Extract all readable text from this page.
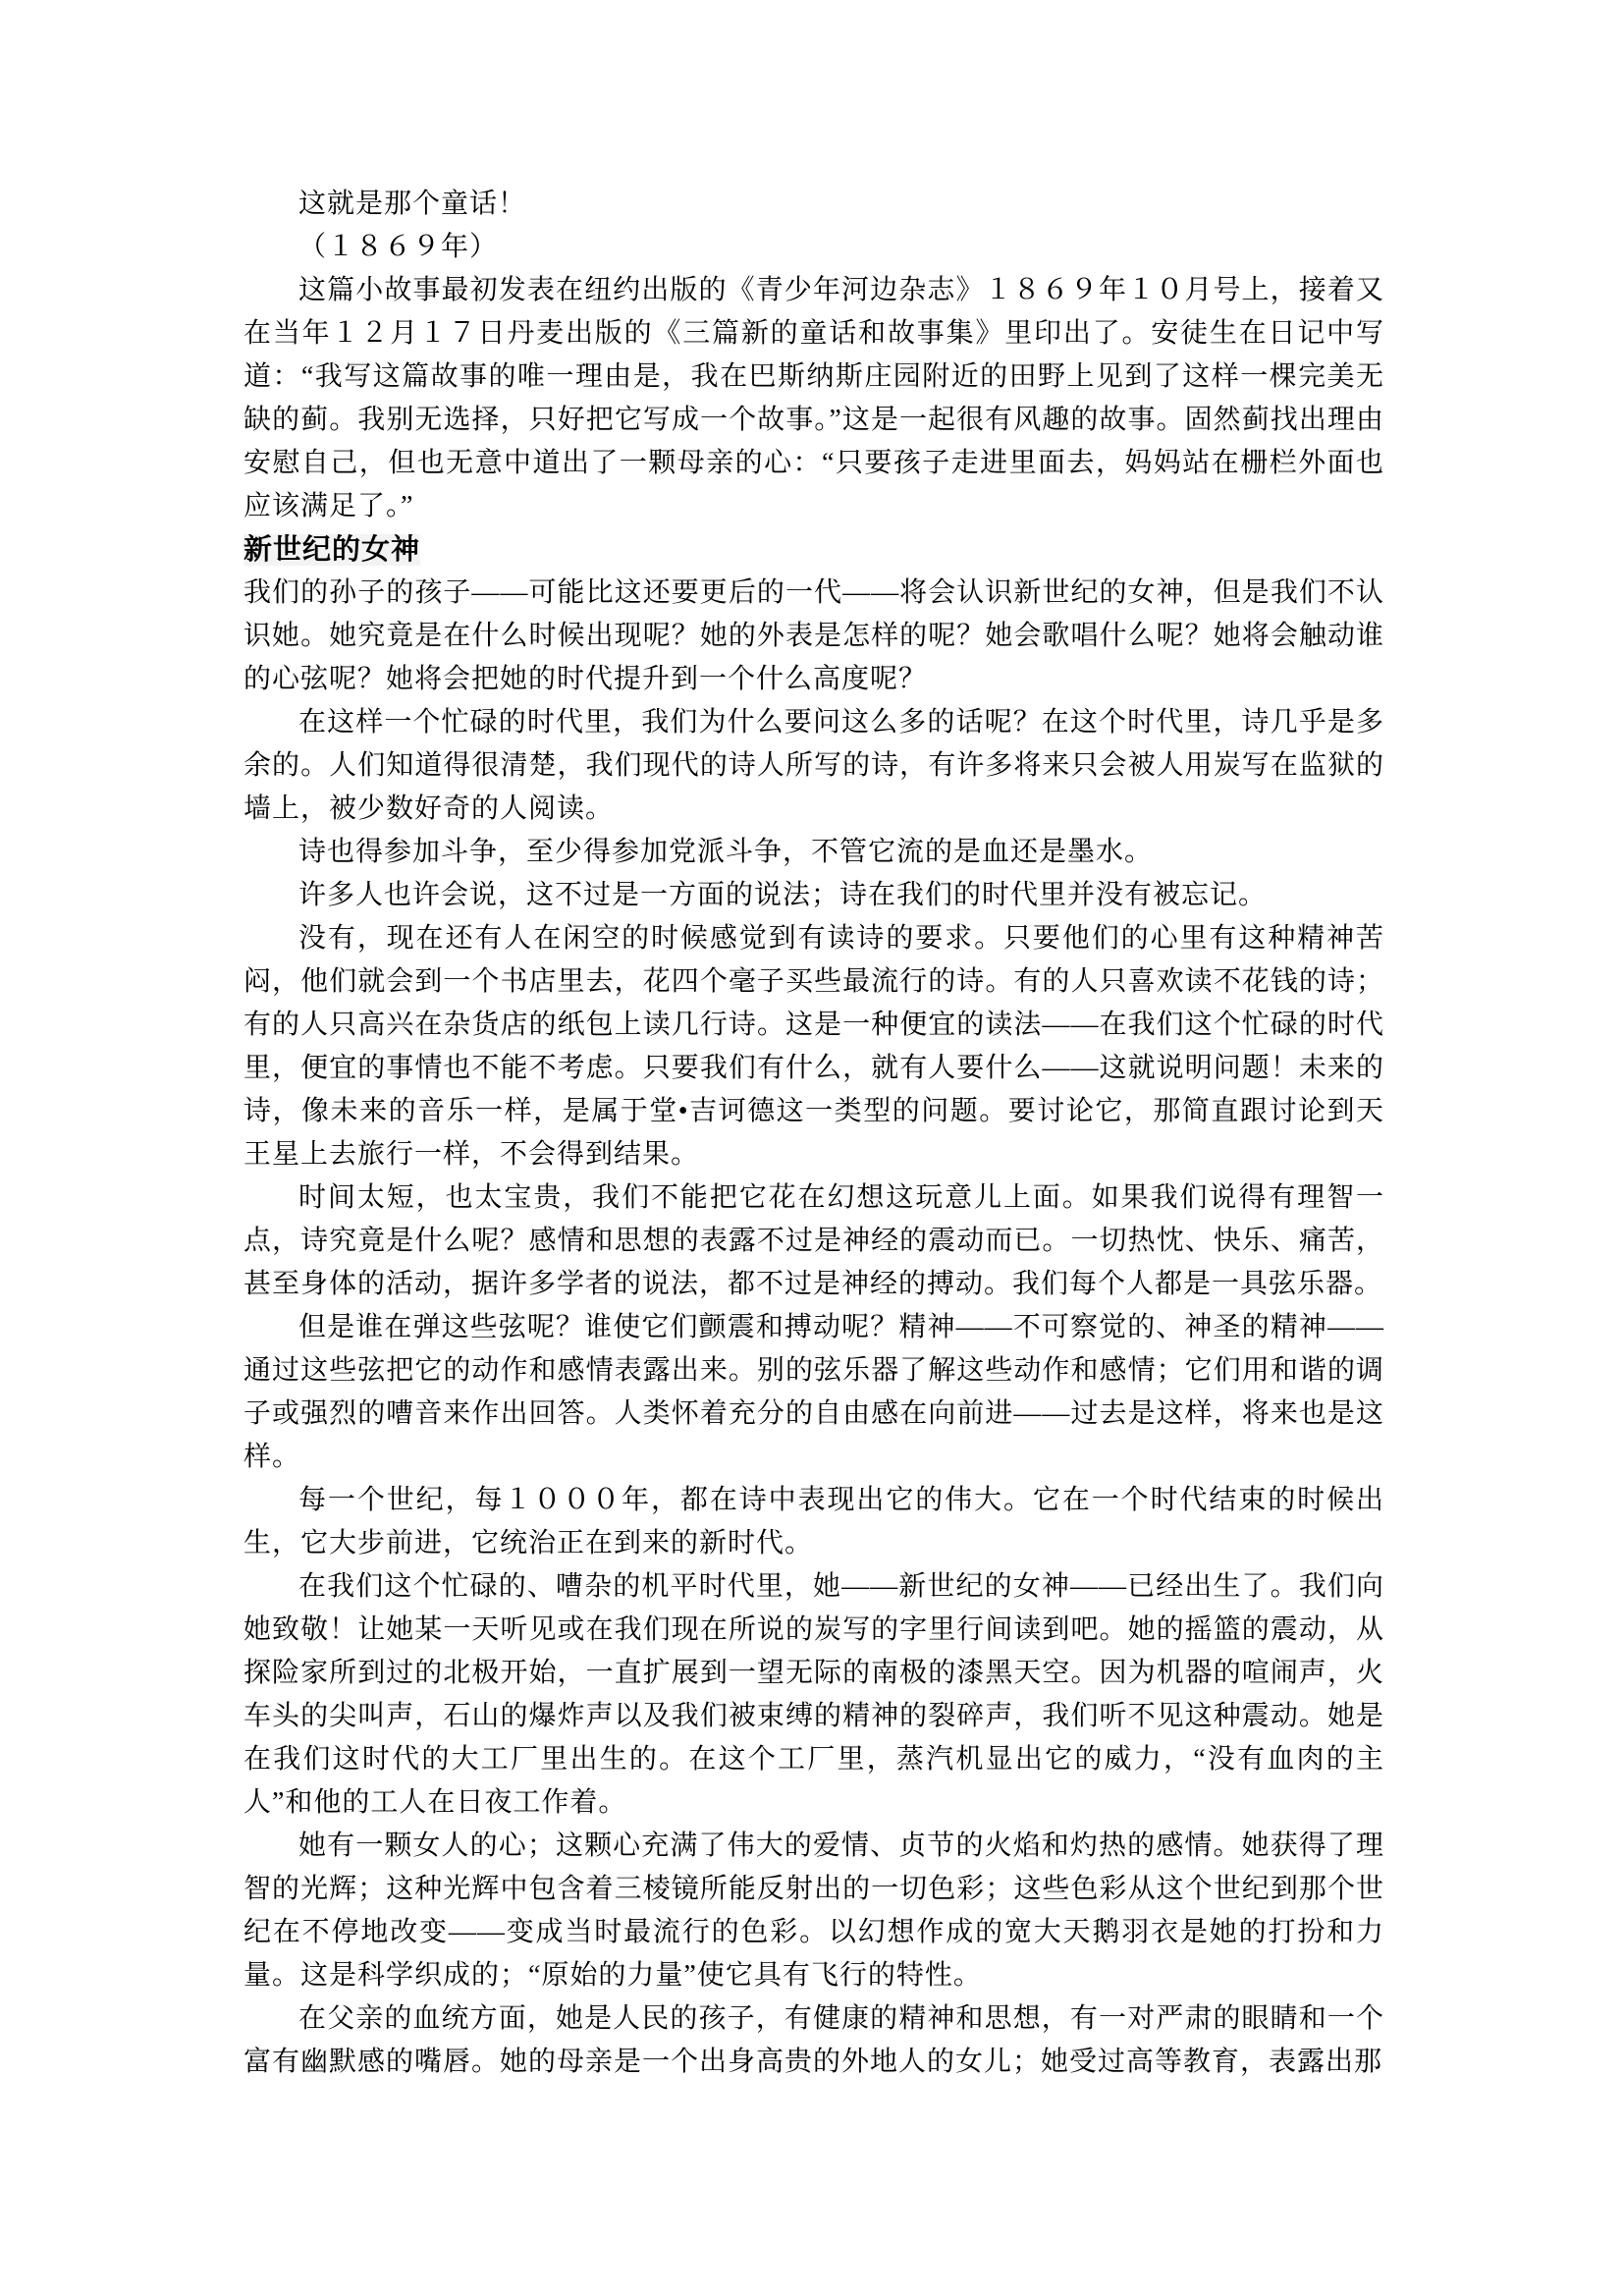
这就是那个童话！

（１８６９年）

这篇小故事最初发表在纽约出版的《青少年河边杂志》１８６９年１０月号上，接着又在当年１２月１７日丹麦出版的《三篇新的童话和故事集》里印出了。安徒生在日记中写道：“我写这篇故事的唯一理由是，我在巴斯纳斯庄园附近的田野上见到了这样一棵完美无缺的蓟。我别无选择，只好把它写成一个故事。”这是一起很有风趣的故事。固然蓟找出理由安慰自己，但也无意中道出了一颗母亲的心：“只要孩子走进里面去，妈妈站在栅栏外面也应该满足了。”

新世纪的女神

我们的孙子的孩子——可能比这还要更后的一代——将会认识新世纪的女神，但是我们不认识她。她究竟是在什么时候出现呢？她的外表是怎样的呢？她会歌唱什么呢？她将会触动谁的心弦呢？她将会把她的时代提升到一个什么高度呢？

在这样一个忙碌的时代里，我们为什么要问这么多的话呢？在这个时代里，诗几乎是多余的。人们知道得很清楚，我们现代的诗人所写的诗，有许多将来只会被人用炭写在监狱的墙上，被少数好奇的人阅读。

诗也得参加斗争，至少得参加党派斗争，不管它流的是血还是墨水。

许多人也许会说，这不过是一方面的说法；诗在我们的时代里并没有被忘记。

没有，现在还有人在闲空的时候感觉到有读诗的要求。只要他们的心里有这种精神苦闷，他们就会到一个书店里去，花四个毫子买些最流行的诗。有的人只喜欢读不花钱的诗；有的人只高兴在杂货店的纸包上读几行诗。这是一种便宜的读法——在我们这个忙碌的时代里，便宜的事情也不能不考虑。只要我们有什么，就有人要什么——这就说明问题！未来的诗，像未来的音乐一样，是属于堂•吉诃德这一类型的问题。要讨论它，那简直跟讨论到天王星上去旅行一样，不会得到结果。

时间太短，也太宝贵，我们不能把它花在幻想这玩意儿上面。如果我们说得有理智一点，诗究竟是什么呢？感情和思想的表露不过是神经的震动而已。一切热忱、快乐、痛苦，甚至身体的活动，据许多学者的说法，都不过是神经的搏动。我们每个人都是一具弦乐器。

但是谁在弹这些弦呢？谁使它们颤震和搏动呢？精神——不可察觉的、神圣的精神——通过这些弦把它的动作和感情表露出来。别的弦乐器了解这些动作和感情；它们用和谐的调子或强烈的嘈音来作出回答。人类怀着充分的自由感在向前进——过去是这样，将来也是这样。

每一个世纪，每１０００年，都在诗中表现出它的伟大。它在一个时代结束的时候出生，它大步前进，它统治正在到来的新时代。

在我们这个忙碌的、嘈杂的机平时代里，她——新世纪的女神——已经出生了。我们向她致敬！让她某一天听见或在我们现在所说的炭写的字里行间读到吧。她的摇篮的震动，从探险家所到过的北极开始，一直扩展到一望无际的南极的漆黑天空。因为机器的喧闹声，火车头的尖叫声，石山的爆炸声以及我们被束缚的精神的裂碎声，我们听不见这种震动。她是在我们这时代的大工厂里出生的。在这个工厂里，蒸汽机显出它的威力，“没有血肉的主人”和他的工人在日夜工作着。

她有一颗女人的心；这颗心充满了伟大的爱情、贞节的火焰和灼热的感情。她获得了理智的光辉；这种光辉中包含着三棱镜所能反射出的一切色彩；这些色彩从这个世纪到那个世纪在不停地改变——变成当时最流行的色彩。以幻想作成的宽大天鹅羽衣是她的打扮和力量。这是科学织成的；“原始的力量”使它具有飞行的特性。

在父亲的血统方面，她是人民的孩子，有健康的精神和思想，有一对严肃的眼睛和一个富有幽默感的嘴唇。她的母亲是一个出身高贵的外地人的女儿；她受过高等教育，表露出那
